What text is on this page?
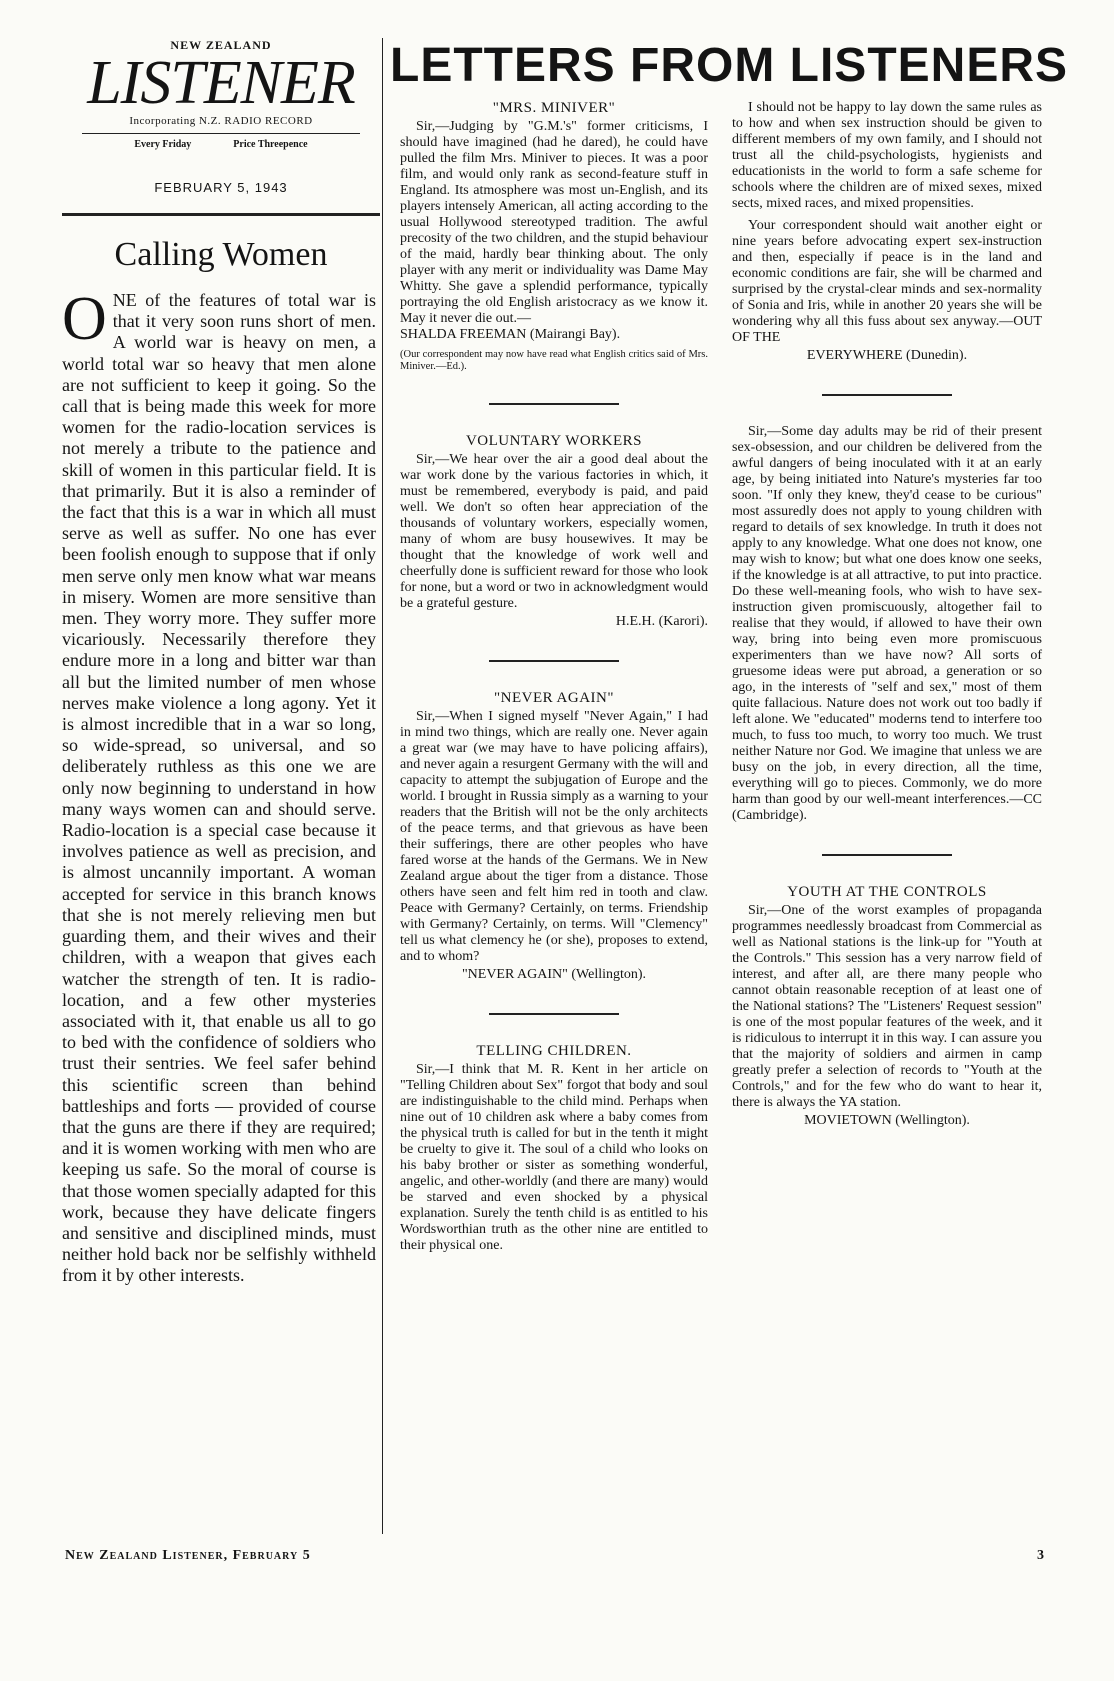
NEW ZEALAND
LISTENER
Incorporating N.Z. RADIO RECORD
Every Friday	Price Threepence
FEBRUARY 5, 1943
Calling Women
O NE of the features of total war is that it very soon runs short of men. A world war is heavy on men, a world total war so heavy that men alone are not sufficient to keep it going. So the call that is being made this week for more women for the radio-location services is not merely a tribute to the patience and skill of women in this particular field. It is that primarily. But it is also a reminder of the fact that this is a war in which all must serve as well as suffer. No one has ever been foolish enough to suppose that if only men serve only men know what war means in misery. Women are more sensitive than men. They worry more. They suffer more vicariously. Necessarily therefore they endure more in a long and bitter war than all but the limited number of men whose nerves make violence a long agony. Yet it is almost incredible that in a war so long, so wide-spread, so universal, and so deliberately ruthless as this one we are only now beginning to understand in how many ways women can and should serve. Radio-location is a special case because it involves patience as well as precision, and is almost uncannily important. A woman accepted for service in this branch knows that she is not merely relieving men but guarding them, and their wives and their children, with a weapon that gives each watcher the strength of ten. It is radio-location, and a few other mysteries associated with it, that enable us all to go to bed with the confidence of soldiers who trust their sentries. We feel safer behind this scientific screen than behind battleships and forts — provided of course that the guns are there if they are required; and it is women working with men who are keeping us safe. So the moral of course is that those women specially adapted for this work, because they have delicate fingers and sensitive and disciplined minds, must neither hold back nor be selfishly withheld from it by other interests.
LETTERS FROM LISTENERS
"MRS. MINIVER"

Sir,—Judging by "G.M.'s" former criticisms, I should have imagined (had he dared), he could have pulled the film Mrs. Miniver to pieces. It was a poor film, and would only rank as second-feature stuff in England. Its atmosphere was most un-English, and its players intensely American, all acting according to the usual Hollywood stereotyped tradition. The awful precosity of the two children, and the stupid behaviour of the maid, hardly bear thinking about. The only player with any merit or individuality was Dame May Whitty. She gave a splendid performance, typically portraying the old English aristocracy as we know it. May it never die out.—

SHALDA FREEMAN (Mairangi Bay).

(Our correspondent may now have read what English critics said of Mrs. Miniver.—Ed.).

VOLUNTARY WORKERS

Sir,—We hear over the air a good deal about the war work done by the various factories in which, it must be remembered, everybody is paid, and paid well. We don't so often hear appreciation of the thousands of voluntary workers, especially women, many of whom are busy housewives. It may be thought that the knowledge of work well and cheerfully done is sufficient reward for those who look for none, but a word or two in acknowledgment would be a grateful gesture.

H.E.H. (Karori).

"NEVER AGAIN"

Sir,—When I signed myself "Never Again," I had in mind two things, which are really one. Never again a great war (we may have to have policing affairs), and never again a resurgent Germany with the will and capacity to attempt the subjugation of Europe and the world. I brought in Russia simply as a warning to your readers that the British will not be the only architects of the peace terms, and that grievous as have been their sufferings, there are other peoples who have fared worse at the hands of the Germans. We in New Zealand argue about the tiger from a distance. Those others have seen and felt him red in tooth and claw. Peace with Germany? Certainly, on terms. Friendship with Germany? Certainly, on terms. Will "Clemency" tell us what clemency he (or she), proposes to extend, and to whom?

"NEVER AGAIN" (Wellington).

TELLING CHILDREN.

Sir,—I think that M. R. Kent in her article on "Telling Children about Sex" forgot that body and soul are indistinguishable to the child mind. Perhaps when nine out of 10 children ask where a baby comes from the physical truth is called for but in the tenth it might be cruelty to give it. The soul of a child who looks on his baby brother or sister as something wonderful, angelic, and other-worldly (and there are many) would be starved and even shocked by a physical explanation. Surely the tenth child is as entitled to his Wordsworthian truth as the other nine are entitled to their physical one.

I should not be happy to lay down the same rules as to how and when sex instruction should be given to different members of my own family, and I should not trust all the child-psychologists, hygienists and educationists in the world to form a safe scheme for schools where the children are of mixed sexes, mixed sects, mixed races, and mixed propensities.

Your correspondent should wait another eight or nine years before advocating expert sex-instruction and then, especially if peace is in the land and economic conditions are fair, she will be charmed and surprised by the crystal-clear minds and sex-normality of Sonia and Iris, while in another 20 years she will be wondering why all this fuss about sex anyway.—OUT OF THE

EVERYWHERE (Dunedin).

Sir,—Some day adults may be rid of their present sex-obsession, and our children be delivered from the awful dangers of being inoculated with it at an early age, by being initiated into Nature's mysteries far too soon. "If only they knew, they'd cease to be curious" most assuredly does not apply to young children with regard to details of sex knowledge. In truth it does not apply to any knowledge. What one does not know, one may wish to know; but what one does know one seeks, if the knowledge is at all attractive, to put into practice. Do these well-meaning fools, who wish to have sex-instruction given promiscuously, altogether fail to realise that they would, if allowed to have their own way, bring into being even more promiscuous experimenters than we have now? All sorts of gruesome ideas were put abroad, a generation or so ago, in the interests of "self and sex," most of them quite fallacious. Nature does not work out too badly if left alone. We "educated" moderns tend to interfere too much, to fuss too much, to worry too much. We trust neither Nature nor God. We imagine that unless we are busy on the job, in every direction, all the time, everything will go to pieces. Commonly, we do more harm than good by our well-meant interferences.—CC (Cambridge).

YOUTH AT THE CONTROLS

Sir,—One of the worst examples of propaganda programmes needlessly broadcast from Commercial as well as National stations is the link-up for "Youth at the Controls." This session has a very narrow field of interest, and after all, are there many people who cannot obtain reasonable reception of at least one of the National stations? The "Listeners' Request session" is one of the most popular features of the week, and it is ridiculous to interrupt it in this way. I can assure you that the majority of soldiers and airmen in camp greatly prefer a selection of records to "Youth at the Controls," and for the few who do want to hear it, there is always the YA station.

MOVIETOWN (Wellington).

New Zealand Listener, February 5	3
